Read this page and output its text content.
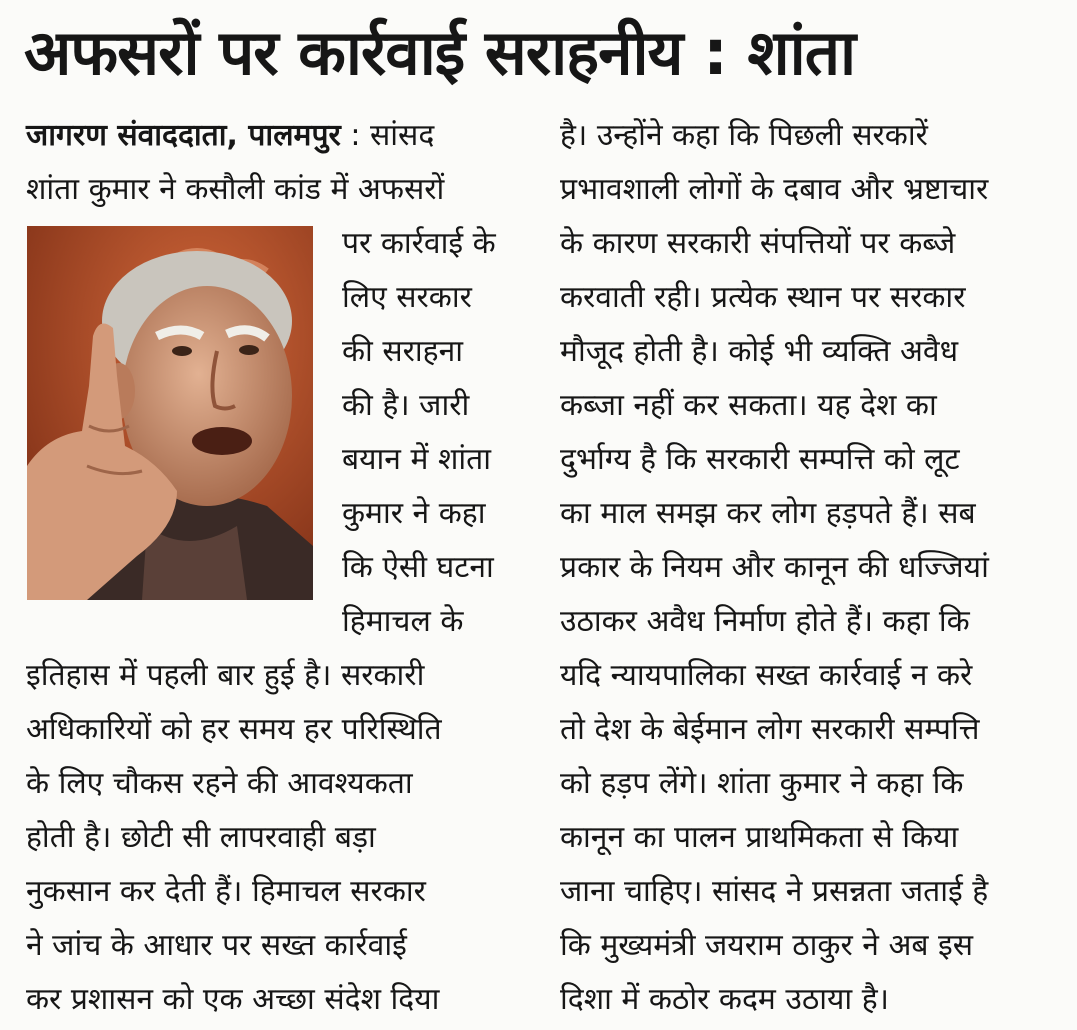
अफसरों पर कार्रवाई सराहनीय : शांता
जागरण संवाददाता, पालमपुर : सांसद
शांता कुमार ने कसौली कांड में अफसरों
पर कार्रवाई के
लिए सरकार
की सराहना
की है। जारी
बयान में शांता
कुमार ने कहा
कि ऐसी घटना
हिमाचल के
इतिहास में पहली बार हुई है। सरकारी
अधिकारियों को हर समय हर परिस्थिति
के लिए चौकस रहने की आवश्यकता
होती है। छोटी सी लापरवाही बड़ा
नुकसान कर देती हैं। हिमाचल सरकार
ने जांच के आधार पर सख्त कार्रवाई
कर प्रशासन को एक अच्छा संदेश दिया
है। उन्होंने कहा कि पिछली सरकारें
प्रभावशाली लोगों के दबाव और भ्रष्टाचार
के कारण सरकारी संपत्तियों पर कब्जे
करवाती रही। प्रत्येक स्थान पर सरकार
मौजूद होती है। कोई भी व्यक्ति अवैध
कब्जा नहीं कर सकता। यह देश का
दुर्भाग्य है कि सरकारी सम्पत्ति को लूट
का माल समझ कर लोग हड़पते हैं। सब
प्रकार के नियम और कानून की धज्जियां
उठाकर अवैध निर्माण होते हैं। कहा कि
यदि न्यायपालिका सख्त कार्रवाई न करे
तो देश के बेईमान लोग सरकारी सम्पत्ति
को हड़प लेंगे। शांता कुमार ने कहा कि
कानून का पालन प्राथमिकता से किया
जाना चाहिए। सांसद ने प्रसन्नता जताई है
कि मुख्यमंत्री जयराम ठाकुर ने अब इस
दिशा में कठोर कदम उठाया है।
